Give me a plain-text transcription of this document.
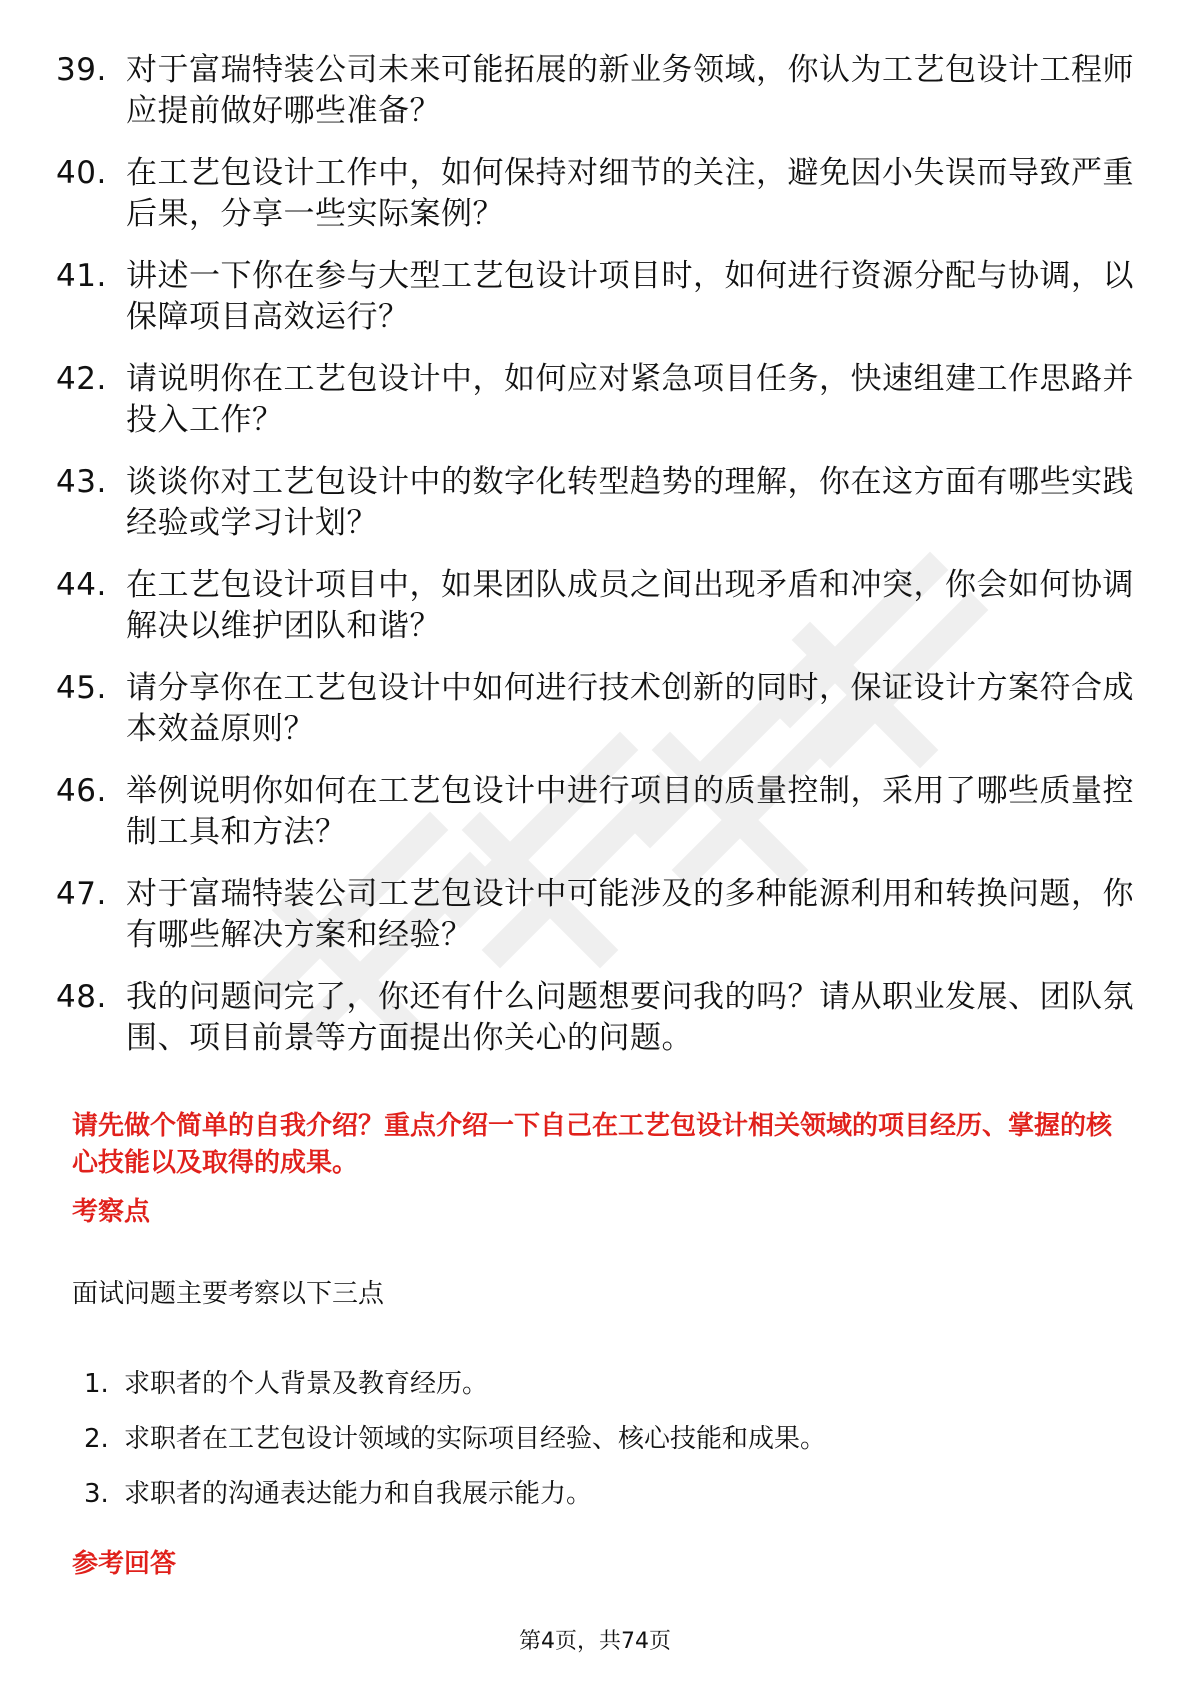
39. 对于富瑞特装公司未来可能拓展的新业务领域，你认为工艺包设计工程师应提前做好哪些准备？
40. 在工艺包设计工作中，如何保持对细节的关注，避免因小失误而导致严重后果，分享一些实际案例？
41. 讲述一下你在参与大型工艺包设计项目时，如何进行资源分配与协调，以保障项目高效运行？
42. 请说明你在工艺包设计中，如何应对紧急项目任务，快速组建工作思路并投入工作？
43. 谈谈你对工艺包设计中的数字化转型趋势的理解，你在这方面有哪些实践经验或学习计划？
44. 在工艺包设计项目中，如果团队成员之间出现矛盾和冲突，你会如何协调解决以维护团队和谐？
45. 请分享你在工艺包设计中如何进行技术创新的同时，保证设计方案符合成本效益原则？
46. 举例说明你如何在工艺包设计中进行项目的质量控制，采用了哪些质量控制工具和方法？
47. 对于富瑞特装公司工艺包设计中可能涉及的多种能源利用和转换问题，你有哪些解决方案和经验？
48. 我的问题问完了，你还有什么问题想要问我的吗？请从职业发展、团队氛围、项目前景等方面提出你关心的问题。

请先做个简单的自我介绍？重点介绍一下自己在工艺包设计相关领域的项目经历、掌握的核心技能以及取得的成果。

考察点

面试问题主要考察以下三点

1. 求职者的个人背景及教育经历。
2. 求职者在工艺包设计领域的实际项目经验、核心技能和成果。
3. 求职者的沟通表达能力和自我展示能力。
参考回答
第4页，共74页
